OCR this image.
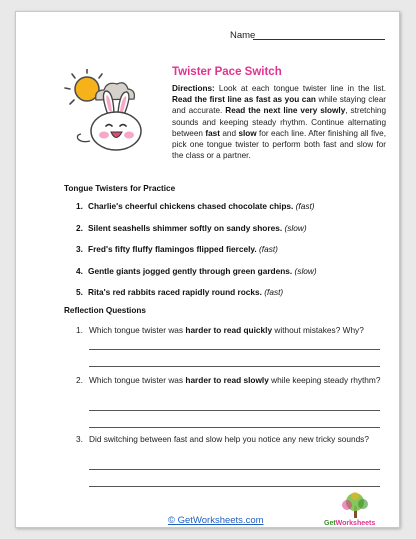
Name
Twister Pace Switch
Directions: Look at each tongue twister line in the list. Read the first line as fast as you can while staying clear and accurate. Read the next line very slowly, stretching sounds and keeping steady rhythm. Continue alternating between fast and slow for each line. After finishing all five, pick one tongue twister to perform both fast and slow for the class or a partner.
Tongue Twisters for Practice
1. Charlie's cheerful chickens chased chocolate chips. (fast)
2. Silent seashells shimmer softly on sandy shores. (slow)
3. Fred's fifty fluffy flamingos flipped fiercely. (fast)
4. Gentle giants jogged gently through green gardens. (slow)
5. Rita's red rabbits raced rapidly round rocks. (fast)
Reflection Questions
1. Which tongue twister was harder to read quickly without mistakes? Why?
2. Which tongue twister was harder to read slowly while keeping steady rhythm?
3. Did switching between fast and slow help you notice any new tricky sounds?
© GetWorksheets.com	GetWorksheets
